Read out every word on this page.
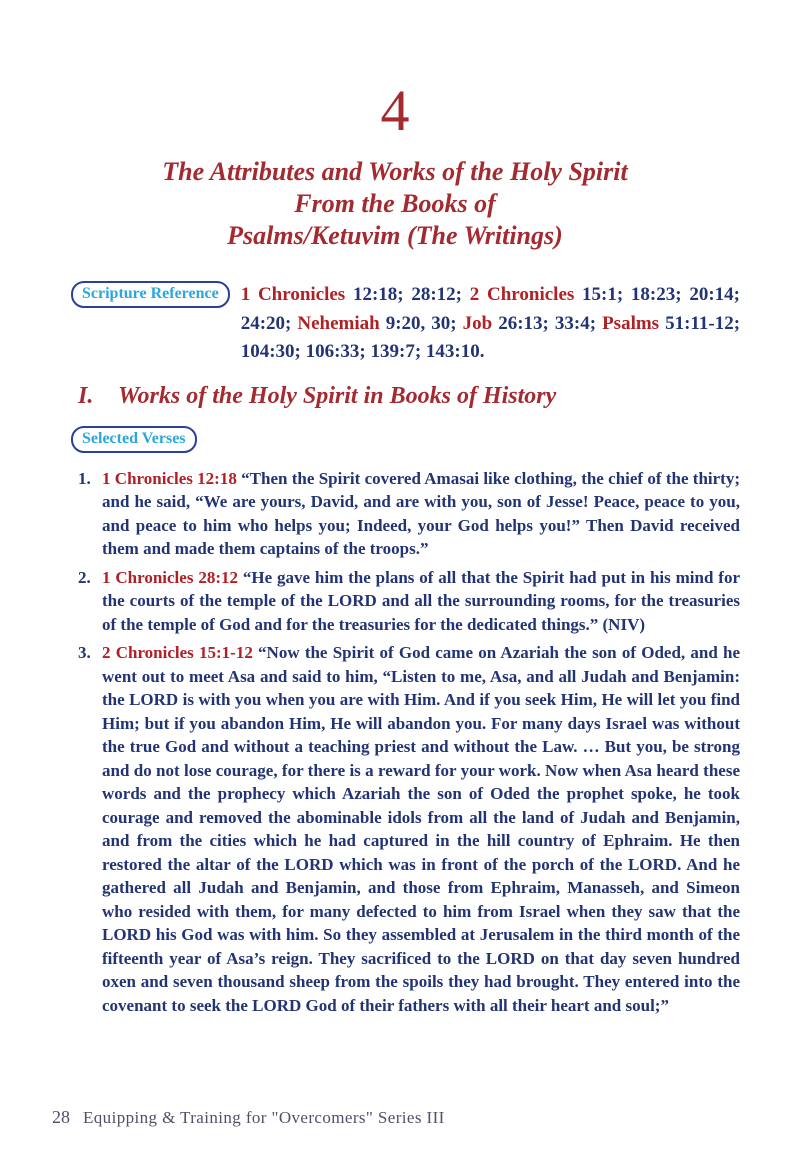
4
The Attributes and Works of the Holy Spirit
From the Books of
Psalms/Ketuvim (The Writings)
Scripture Reference	1 Chronicles 12:18; 28:12; 2 Chronicles 15:1; 18:23; 20:14; 24:20; Nehemiah 9:20, 30; Job 26:13; 33:4; Psalms 51:11-12; 104:30; 106:33; 139:7; 143:10.

I. Works of the Holy Spirit in Books of History
Selected Verses
1. 1 Chronicles 12:18 “Then the Spirit covered Amasai like clothing, the chief of the thirty; and he said, “We are yours, David, and are with you, son of Jesse! Peace, peace to you, and peace to him who helps you; Indeed, your God helps you!” Then David received them and made them captains of the troops.”

2. 1 Chronicles 28:12 “He gave him the plans of all that the Spirit had put in his mind for the courts of the temple of the LORD and all the surrounding rooms, for the treasuries of the temple of God and for the treasuries for the dedicated things.” (NIV)

3. 2 Chronicles 15:1-12 “Now the Spirit of God came on Azariah the son of Oded, and he went out to meet Asa and said to him, “Listen to me, Asa, and all Judah and Benjamin: the LORD is with you when you are with Him. And if you seek Him, He will let you find Him; but if you abandon Him, He will abandon you. For many days Israel was without the true God and without a teaching priest and without the Law. … But you, be strong and do not lose courage, for there is a reward for your work. Now when Asa heard these words and the prophecy which Azariah the son of Oded the prophet spoke, he took courage and removed the abominable idols from all the land of Judah and Benjamin, and from the cities which he had captured in the hill country of Ephraim. He then restored the altar of the LORD which was in front of the porch of the LORD. And he gathered all Judah and Benjamin, and those from Ephraim, Manasseh, and Simeon who resided with them, for many defected to him from Israel when they saw that the LORD his God was with him. So they assembled at Jerusalem in the third month of the fifteenth year of Asa’s reign. They sacrificed to the LORD on that day seven hundred oxen and seven thousand sheep from the spoils they had brought. They entered into the covenant to seek the LORD God of their fathers with all their heart and soul;”

28 Equipping & Training for "Overcomers" Series III
